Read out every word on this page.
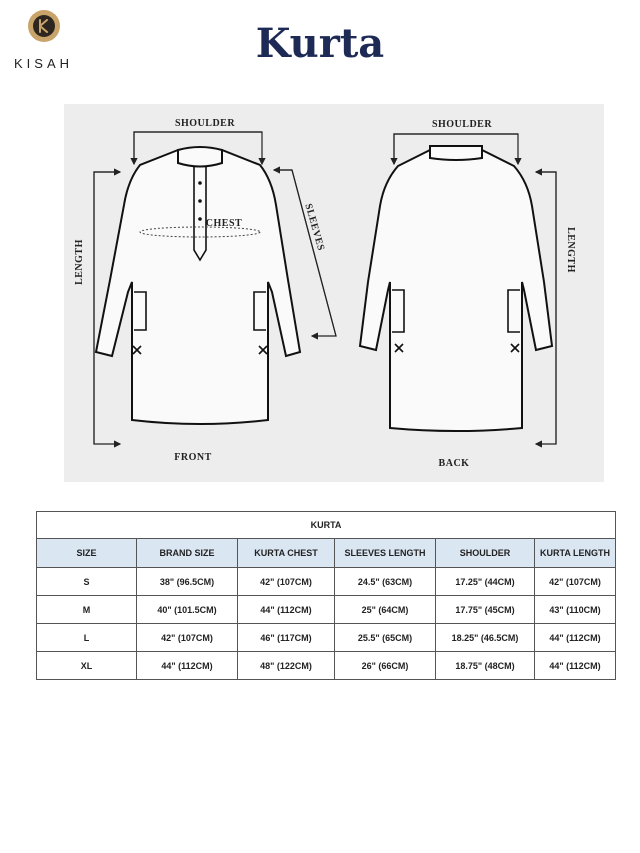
KISAH	Kurta
SHOULDER
LENGTH
CHEST	SLEEVES
FRONT
SHOULDER
LENGTH
BACK
KURTA					
SIZE	BRAND SIZE	KURTA CHEST	SLEEVES LENGTH	SHOULDER	KURTA LENGTH
S	38" (96.5CM)	42" (107CM)	24.5" (63CM)	17.25" (44CM)	42" (107CM)
M	40" (101.5CM)	44" (112CM)	25" (64CM)	17.75" (45CM)	43" (110CM)
L	42" (107CM)	46" (117CM)	25.5" (65CM)	18.25" (46.5CM)	44" (112CM)
XL	44" (112CM)	48" (122CM)	26" (66CM)	18.75" (48CM)	44" (112CM)
